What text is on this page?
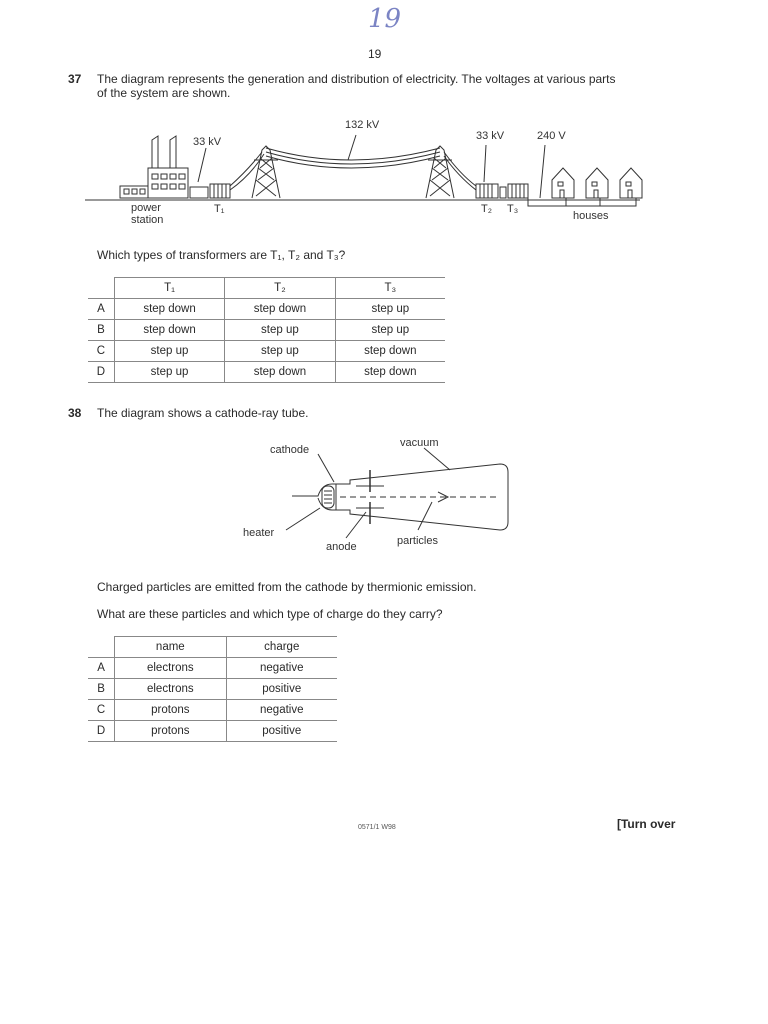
19
19
37 The diagram represents the generation and distribution of electricity. The voltages at various parts
of the system are shown.
132 kV
33 kV	33 kV	240 V
power
station
T₁	T₂ T₃
houses
Which types of transformers are T₁, T₂ and T₃?
	T₁	T₂	T₃
A	step down	step down	step up
B	step down	step up	step up
C	step up	step up	step down
D	step up	step down	step down
38 The diagram shows a cathode-ray tube.
cathode
vacuum
heater
anode	particles
Charged particles are emitted from the cathode by thermionic emission.
What are these particles and which type of charge do they carry?
	name	charge
A	electrons	negative
B	electrons	positive
C	protons	negative
D	protons	positive
0571/1 W98	[Turn over
